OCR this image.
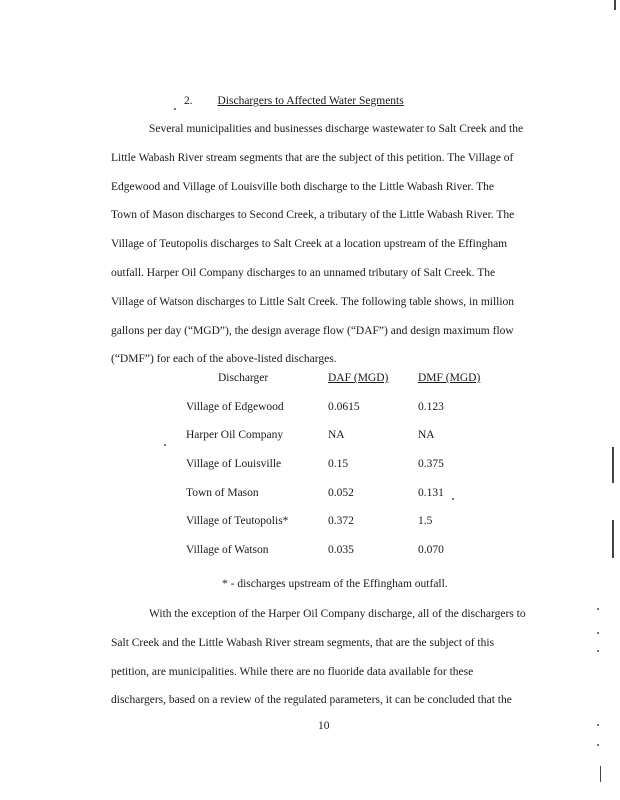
2. Dischargers to Affected Water Segments
Several municipalities and businesses discharge wastewater to Salt Creek and the
Little Wabash River stream segments that are the subject of this petition. The Village of
Edgewood and Village of Louisville both discharge to the Little Wabash River. The
Town of Mason discharges to Second Creek, a tributary of the Little Wabash River. The
Village of Teutopolis discharges to Salt Creek at a location upstream of the Effingham
outfall. Harper Oil Company discharges to an unnamed tributary of Salt Creek. The
Village of Watson discharges to Little Salt Creek. The following table shows, in million
gallons per day (“MGD”), the design average flow (“DAF”) and design maximum flow
(“DMF”) for each of the above-listed discharges.
Discharger	DAF (MGD)	DMF (MGD)
Village of Edgewood	0.0615	0.123
Harper Oil Company	NA	NA
Village of Louisville	0.15	0.375
Town of Mason	0.052	0.131
Village of Teutopolis*	0.372	1.5
Village of Watson	0.035	0.070
* - discharges upstream of the Effingham outfall.
With the exception of the Harper Oil Company discharge, all of the dischargers to
Salt Creek and the Little Wabash River stream segments, that are the subject of this
petition, are municipalities. While there are no fluoride data available for these
dischargers, based on a review of the regulated parameters, it can be concluded that the
10
